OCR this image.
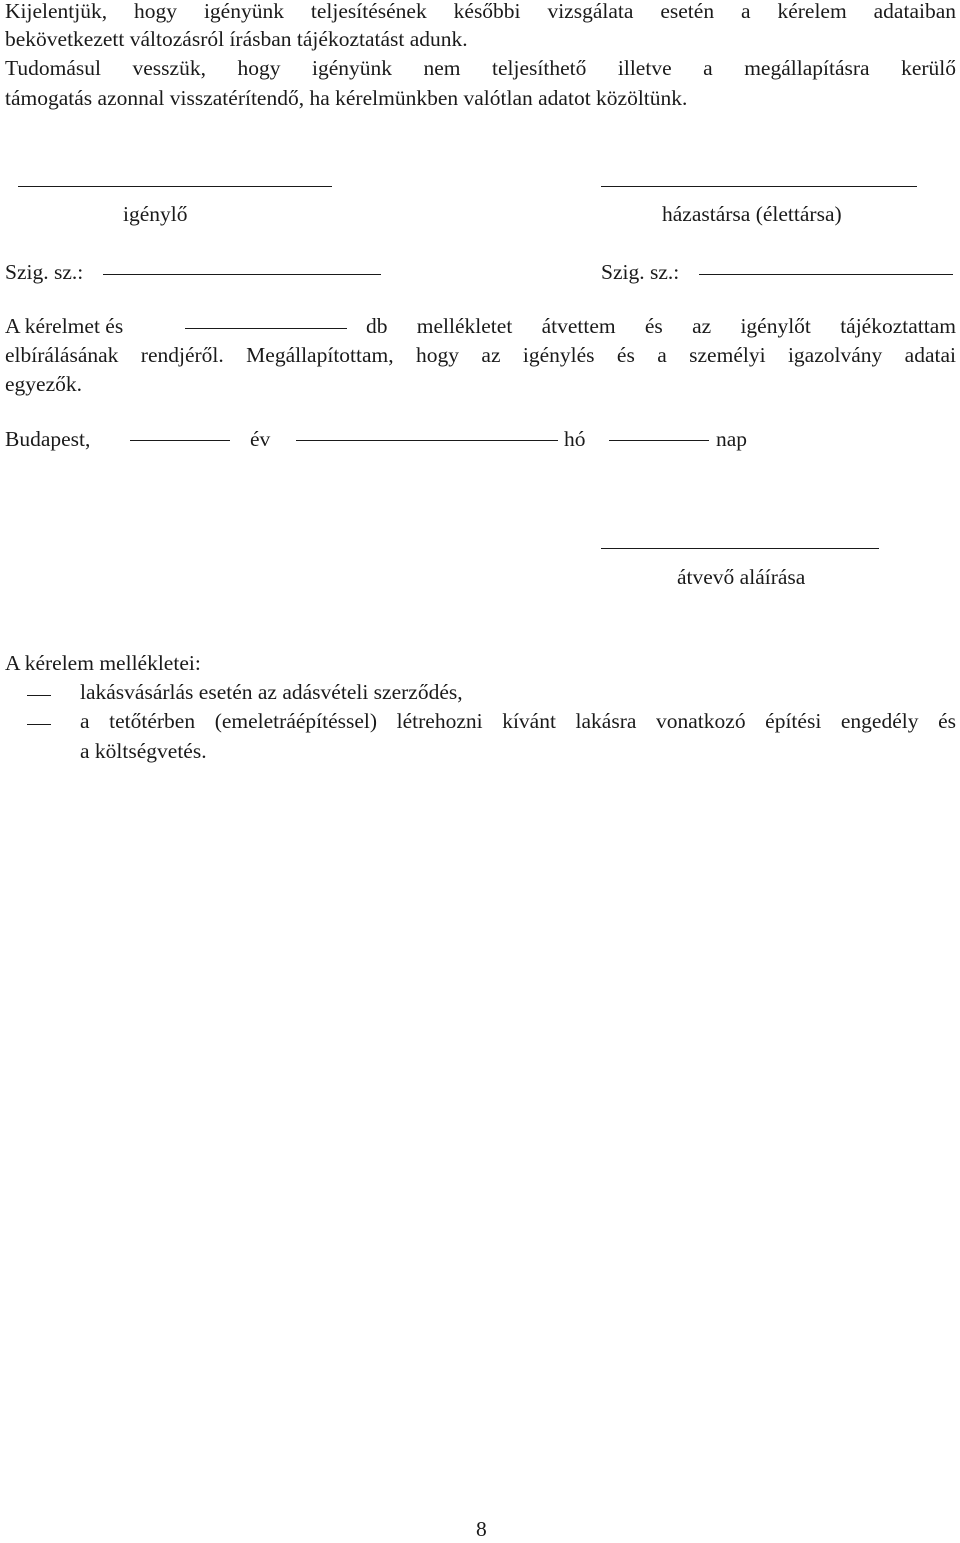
Kijelentjük, hogy igényünk teljesítésének későbbi vizsgálata esetén a kérelem adataiban
bekövetkezett változásról írásban tájékoztatást adunk.
Tudomásul vesszük, hogy igényünk nem teljesíthető illetve a megállapításra kerülő
támogatás azonnal visszatérítendő, ha kérelmünkben valótlan adatot közöltünk.
igénylő	házastársa (élettársa)
Szig. sz.:	Szig. sz.:
A kérelmet és	db mellékletet átvettem és az igénylőt tájékoztattam
elbírálásának rendjéről. Megállapítottam, hogy az igénylés és a személyi igazolvány adatai
egyezők.
Budapest,	év	hó	nap
átvevő aláírása
A kérelem mellékletei:
lakásvásárlás esetén az adásvételi szerződés,
a tetőtérben (emeletráépítéssel) létrehozni kívánt lakásra vonatkozó építési engedély és
a költségvetés.
8
